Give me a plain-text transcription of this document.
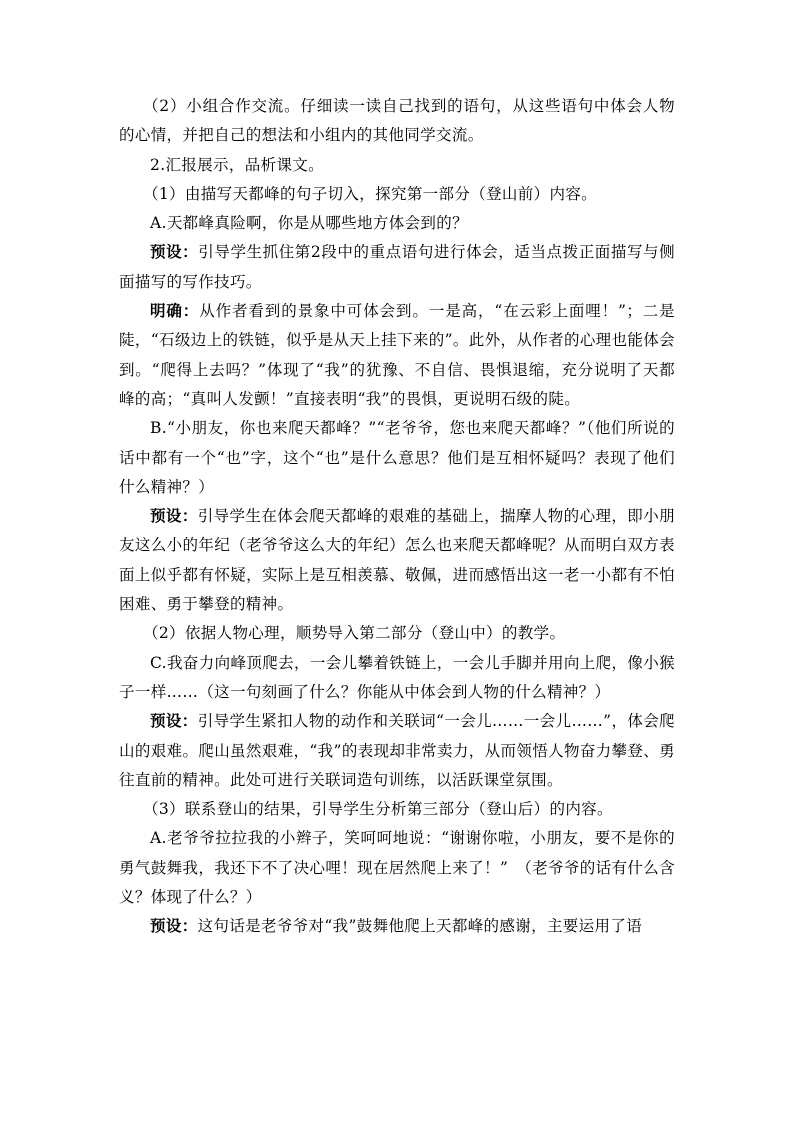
（2）小组合作交流。仔细读一读自己找到的语句，从这些语句中体会人物的心情，并把自己的想法和小组内的其他同学交流。

2.汇报展示，品析课文。

（1）由描写天都峰的句子切入，探究第一部分（登山前）内容。

A.天都峰真险啊，你是从哪些地方体会到的？

预设：引导学生抓住第2段中的重点语句进行体会，适当点拨正面描写与侧面描写的写作技巧。

明确：从作者看到的景象中可体会到。一是高，“在云彩上面哩！”；二是陡，“石级边上的铁链，似乎是从天上挂下来的”。此外，从作者的心理也能体会到。“爬得上去吗？”体现了“我”的犹豫、不自信、畏惧退缩，充分说明了天都峰的高；“真叫人发颤！”直接表明“我”的畏惧，更说明石级的陡。

B.“小朋友，你也来爬天都峰？”“老爷爷，您也来爬天都峰？”（他们所说的话中都有一个“也”字，这个“也”是什么意思？他们是互相怀疑吗？表现了他们什么精神？）

预设：引导学生在体会爬天都峰的艰难的基础上，揣摩人物的心理，即小朋友这么小的年纪（老爷爷这么大的年纪）怎么也来爬天都峰呢？从而明白双方表面上似乎都有怀疑，实际上是互相羡慕、敬佩，进而感悟出这一老一小都有不怕困难、勇于攀登的精神。

（2）依据人物心理，顺势导入第二部分（登山中）的教学。

C.我奋力向峰顶爬去，一会儿攀着铁链上，一会儿手脚并用向上爬，像小猴子一样……（这一句刻画了什么？你能从中体会到人物的什么精神？）

预设：引导学生紧扣人物的动作和关联词“一会儿……一会儿……”，体会爬山的艰难。爬山虽然艰难，“我”的表现却非常卖力，从而领悟人物奋力攀登、勇往直前的精神。此处可进行关联词造句训练，以活跃课堂氛围。

（3）联系登山的结果，引导学生分析第三部分（登山后）的内容。

A.老爷爷拉拉我的小辫子，笑呵呵地说：“谢谢你啦，小朋友，要不是你的勇气鼓舞我，我还下不了决心哩！现在居然爬上来了！”　（老爷爷的话有什么含义？体现了什么？）

预设：这句话是老爷爷对“我”鼓舞他爬上天都峰的感谢，主要运用了语
